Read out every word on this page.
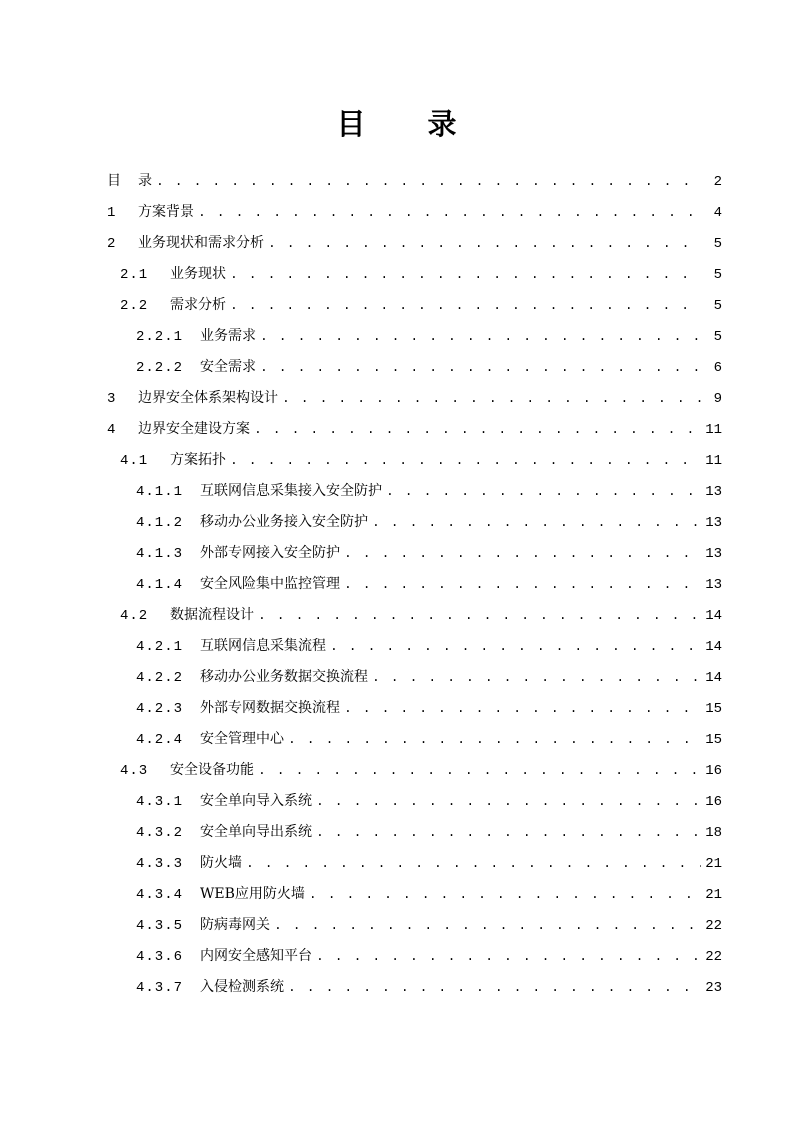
目 录
目	录 . . .	2
1	方案背景 . . .	4
2	业务现状和需求分析 . . .	5
2.1	业务现状 . . .	5
2.2	需求分析 . . .	5
2.2.1	业务需求 . . .	5
2.2.2	安全需求 . . .	6
3	边界安全体系架构设计 . . .	9
4	边界安全建设方案 . . .	11
4.1	方案拓扑 . . .	11
4.1.1	互联网信息采集接入安全防护 . . .	13
4.1.2	移动办公业务接入安全防护 . . .	13
4.1.3	外部专网接入安全防护 . . .	13
4.1.4	安全风险集中监控管理 . . .	13
4.2	数据流程设计 . . .	14
4.2.1	互联网信息采集流程 . . .	14
4.2.2	移动办公业务数据交换流程 . . .	14
4.2.3	外部专网数据交换流程 . . .	15
4.2.4	安全管理中心 . . .	15
4.3	安全设备功能 . . .	16
4.3.1	安全单向导入系统 . . .	16
4.3.2	安全单向导出系统 . . .	18
4.3.3	防火墙 . . .	21
4.3.4	WEB应用防火墙 . . .	21
4.3.5	防病毒网关 . . .	22
4.3.6	内网安全感知平台 . . .	22
4.3.7	入侵检测系统 . . .	23
